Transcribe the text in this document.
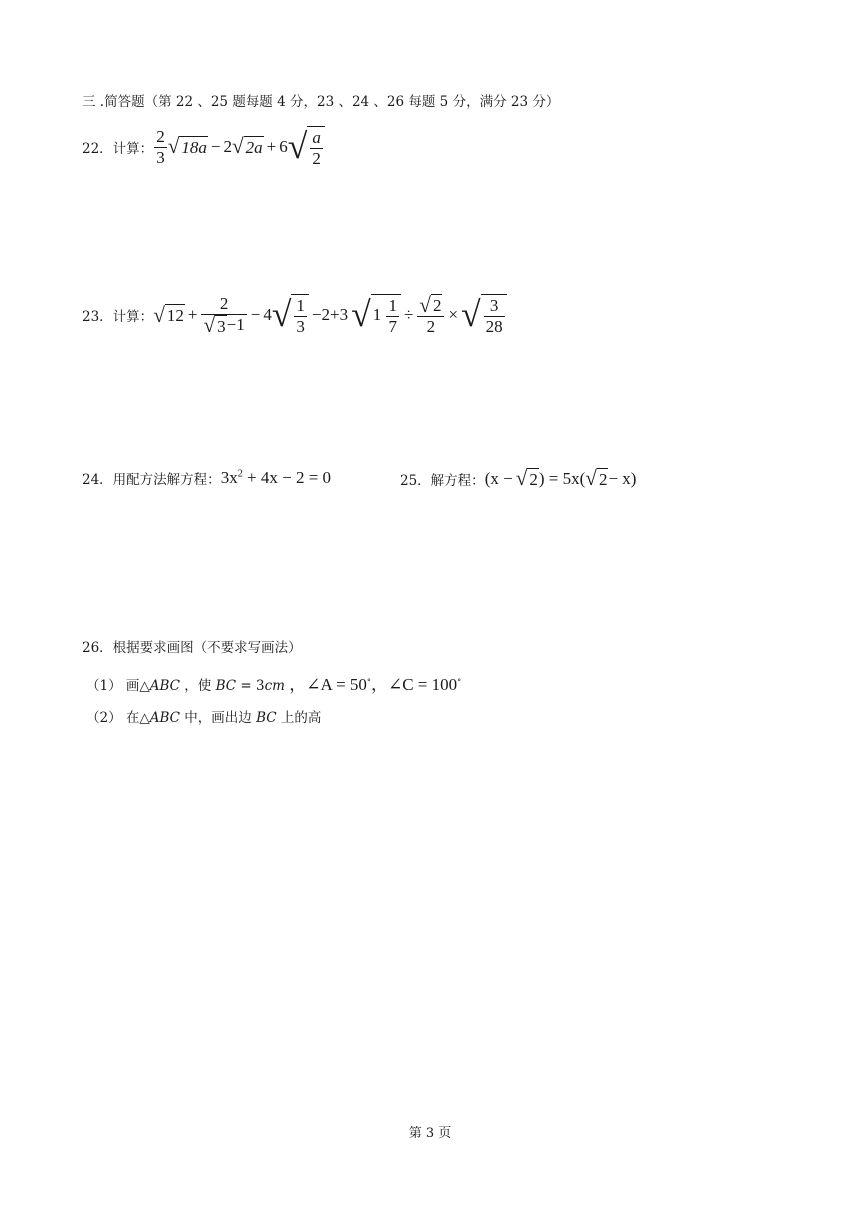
三 .简答题（第 22 、25 题每题 4 分，23 、24 、26 每题 5 分，满分 23 分）
22．计算： $\frac{2}{3}$ √ 18a − 2 √ 2a + 6 √ $\frac{a}{2}$
23．计算： √ $12 + \frac{2}{√ 3-1} - 4$ √ $\frac{1}{3} -2+3$ √ $1 \frac{1}{7} \div \frac{√ 2}{2}$ × √ $\frac{3}{28}$
24．用配方法解方程： $3x^2 + 4x - 2 = 0$	25．解方程： (x − √ 2 ) = 5x( √ 2 − x)
26．根据要求画图（不要求写画法）
（1） 画△ABC ，使 BC = 3cm ，∠A = 50°，∠C = 100°
（2） 在△ABC 中，画出边 BC 上的高
第 3 页
